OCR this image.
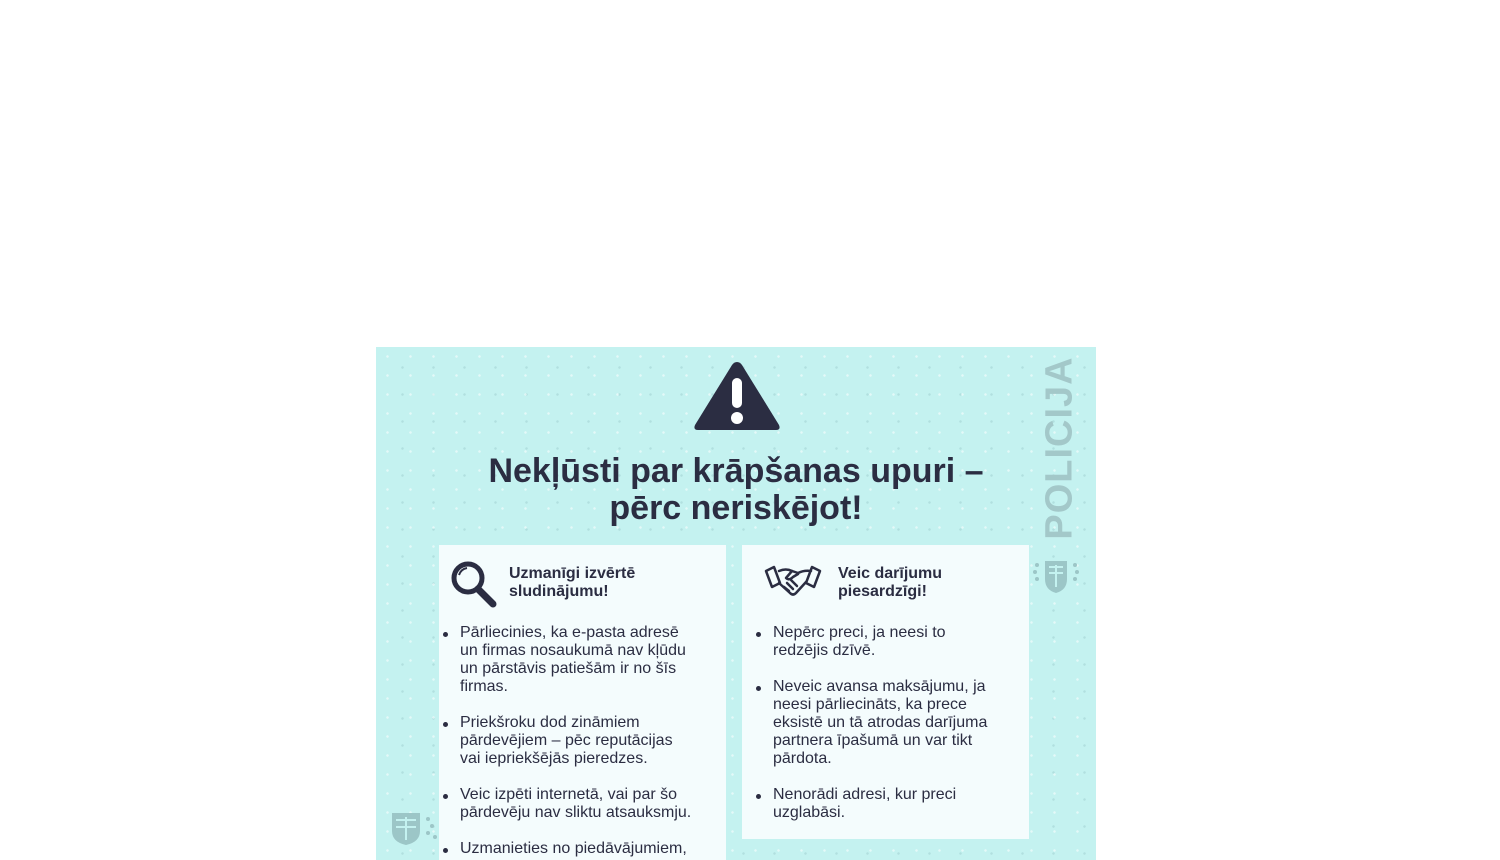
Nekļūsti par krāpšanas upuri –
pērc neriskējot!	POLICIJA
Uzmanīgi izvērtē
sludinājumu!
Pārliecinies, ka e-pasta adresē
un firmas nosaukumā nav kļūdu
un pārstāvis patiešām ir no šīs
firmas.
Priekšroku dod zināmiem
pārdevējiem – pēc reputācijas
vai iepriekšējās pieredzes.
Veic izpēti internetā, vai par šo
pārdevēju nav sliktu atsauksmju.
Uzmanieties no piedāvājumiem,
Veic darījumu
piesardzīgi!
Nepērc preci, ja neesi to
redzējis dzīvē.
Neveic avansa maksājumu, ja
neesi pārliecināts, ka prece
eksistē un tā atrodas darījuma
partnera īpašumā un var tikt
pārdota.
Nenorādi adresi, kur preci
uzglabāsi.
